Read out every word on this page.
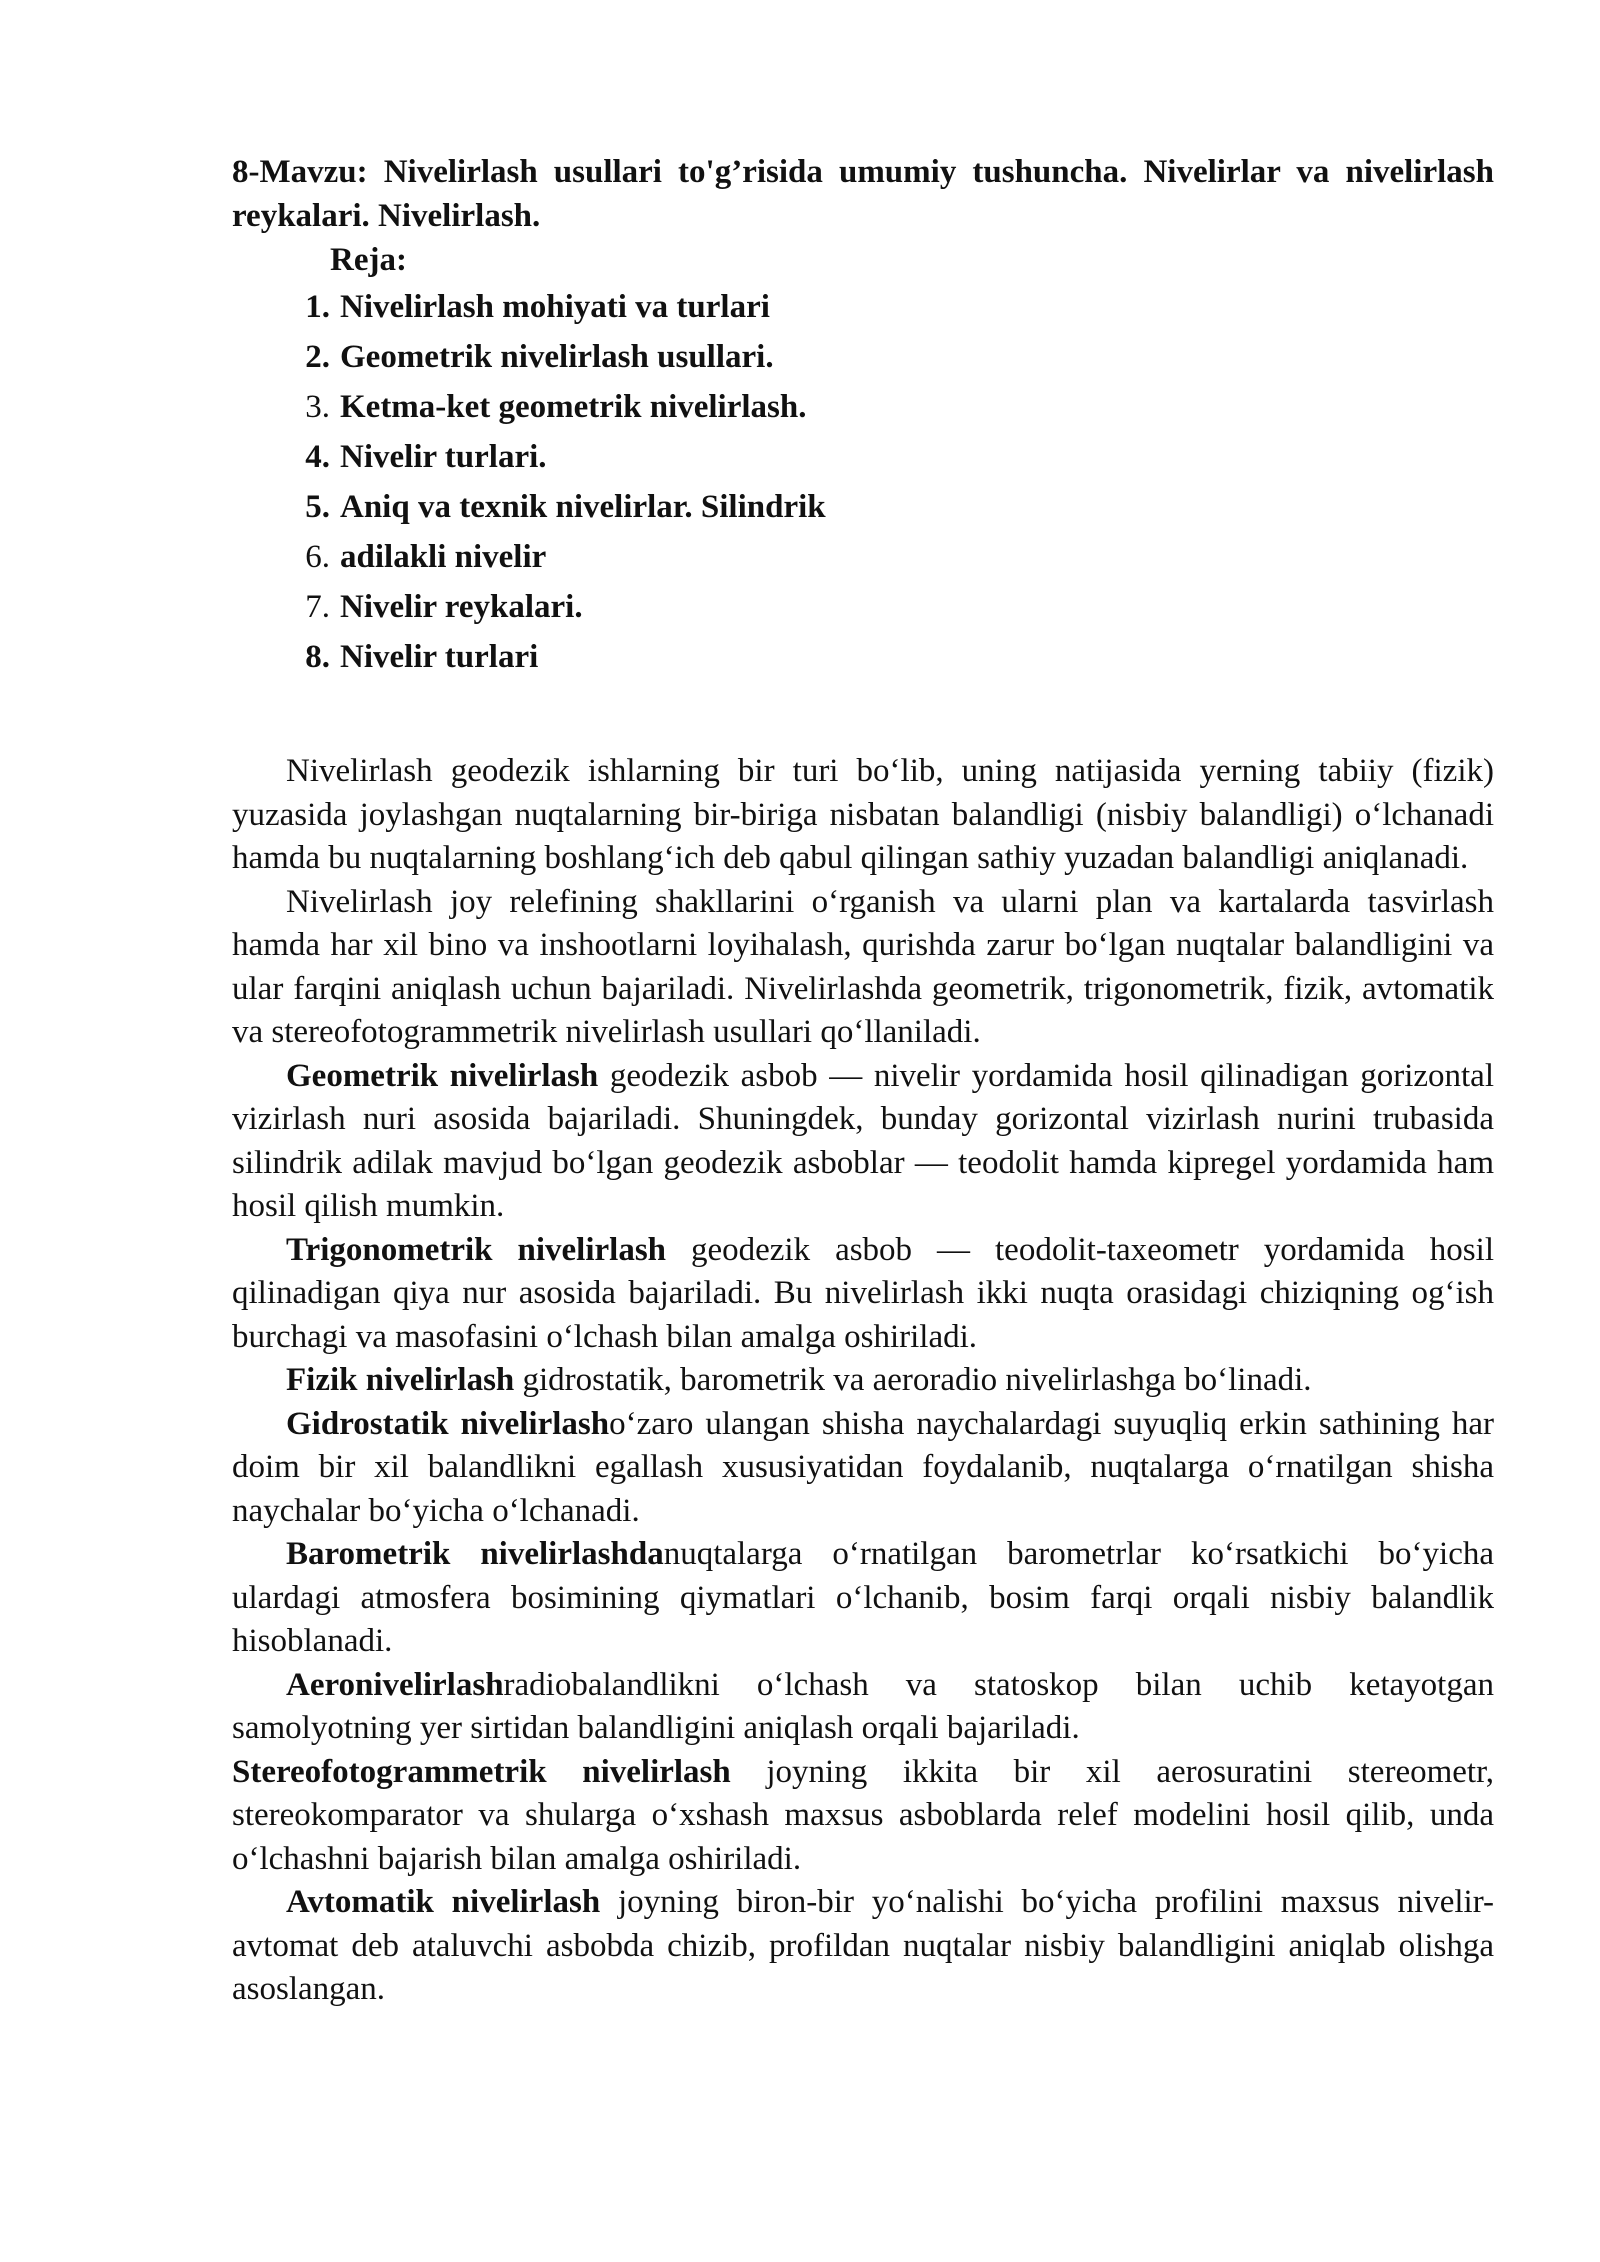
8-Mavzu: Nivelirlash usullari to'g’risida umumiy tushuncha. Nivelirlar va nivelirlash reykalari. Nivelirlash.

Reja:

1. Nivelirlash mohiyati va turlari
2. Geometrik nivelirlash usullari.
3. Ketma-ket geometrik nivelirlash.
4. Nivelir turlari.
5. Aniq va texnik nivelirlar. Silindrik
6. adilakli nivelir
7. Nivelir reykalari.
8. Nivelir turlari

Nivelirlash geodezik ishlarning bir turi bo‘lib, uning natijasida yerning tabiiy (fizik) yuzasida joylashgan nuqtalarning bir-biriga nisbatan balandligi (nisbiy balandligi) o‘lchanadi hamda bu nuqtalarning boshlang‘ich deb qabul qilingan sathiy yuzadan balandligi aniqlanadi.

Nivelirlash joy relefining shakllarini o‘rganish va ularni plan va kartalarda tasvirlash hamda har xil bino va inshootlarni loyihalash, qurishda zarur bo‘lgan nuqtalar balandligini va ular farqini aniqlash uchun bajariladi. Nivelirlashda geometrik, trigonometrik, fizik, avtomatik va stereofotogrammetrik nivelirlash usullari qo‘llaniladi.

Geometrik nivelirlash geodezik asbob — nivelir yordamida hosil qilinadigan gorizontal vizirlash nuri asosida bajariladi. Shuningdek, bunday gorizontal vizirlash nurini trubasida silindrik adilak mavjud bo‘lgan geodezik asboblar — teodolit hamda kipregel yordamida ham hosil qilish mumkin.

Trigonometrik nivelirlash geodezik asbob — teodolit-taxeometr yordamida hosil qilinadigan qiya nur asosida bajariladi. Bu nivelirlash ikki nuqta orasidagi chiziqning og‘ish burchagi va masofasini o‘lchash bilan amalga oshiriladi.

Fizik nivelirlash gidrostatik, barometrik va aeroradio nivelirlashga bo‘linadi.

Gidrostatik nivelirlasho‘zaro ulangan shisha naychalardagi suyuqliq erkin sathining har doim bir xil balandlikni egallash xususiyatidan foydalanib, nuqtalarga o‘rnatilgan shisha naychalar bo‘yicha o‘lchanadi.

Barometrik nivelirlashdanuqtalarga o‘rnatilgan barometrlar ko‘rsatkichi bo‘yicha ulardagi atmosfera bosimining qiymatlari o‘lchanib, bosim farqi orqali nisbiy balandlik hisoblanadi.

Aeronivelirlashradiobalandlikni o‘lchash va statoskop bilan uchib ketayotgan samolyotning yer sirtidan balandligini aniqlash orqali bajariladi.

Stereofotogrammetrik nivelirlash joyning ikkita bir xil aerosuratini stereometr, stereokomparator va shularga o‘xshash maxsus asboblarda relef modelini hosil qilib, unda o‘lchashni bajarish bilan amalga oshiriladi.

Avtomatik nivelirlash joyning biron-bir yo‘nalishi bo‘yicha profilini maxsus nivelir-avtomat deb ataluvchi asbobda chizib, profildan nuqtalar nisbiy balandligini aniqlab olishga asoslangan.
